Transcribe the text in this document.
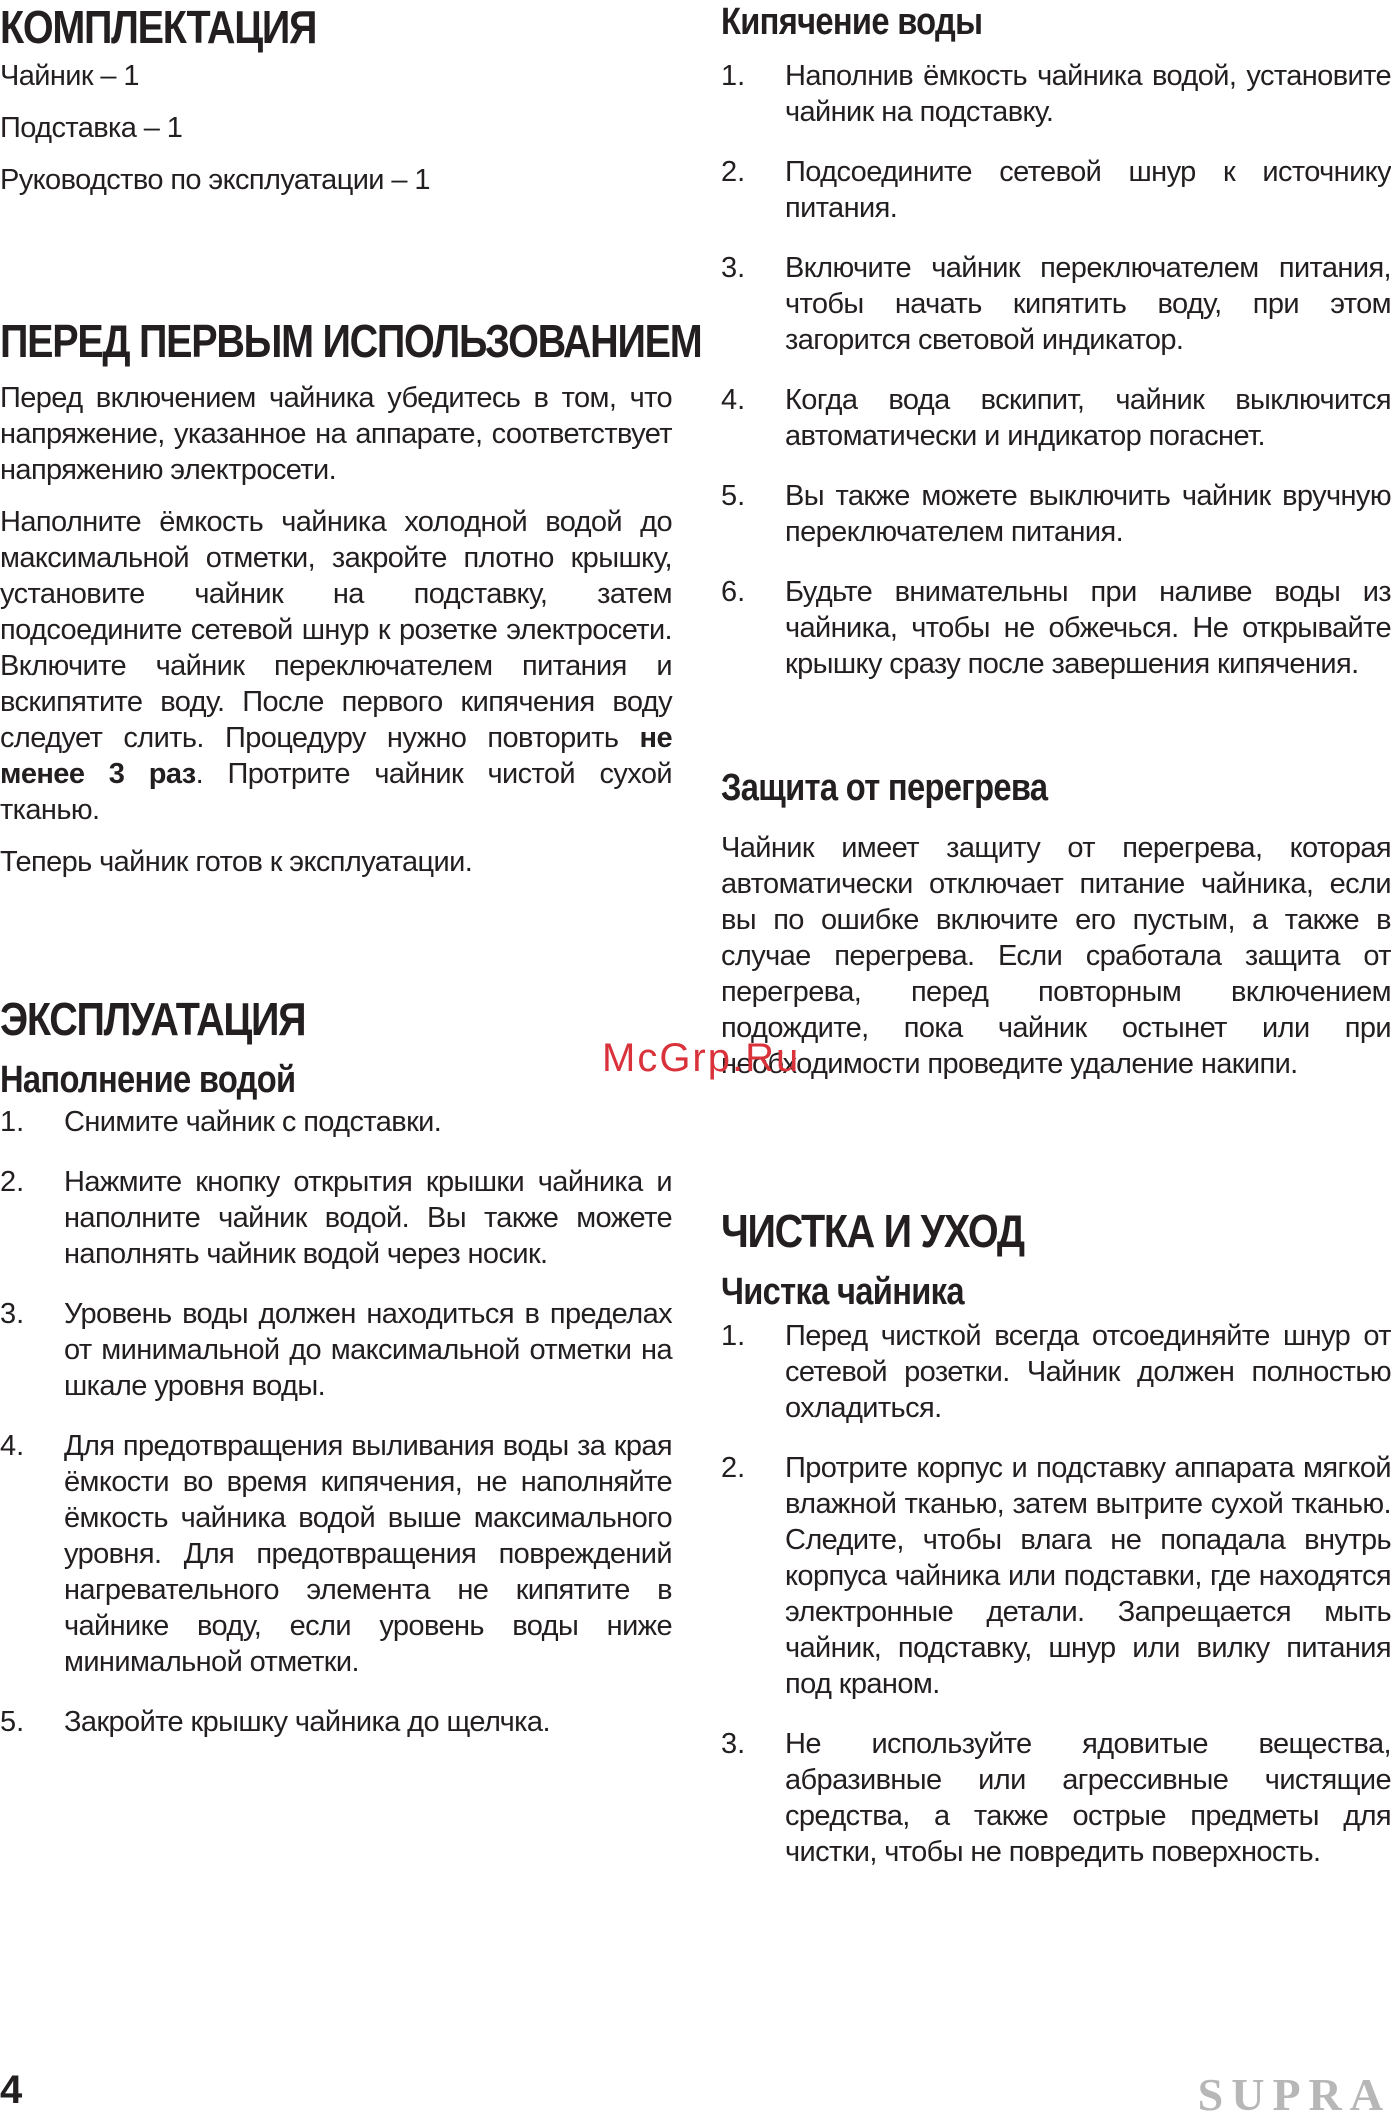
КОМПЛЕКТАЦИЯ

Чайник – 1

Подставка – 1

Руководство по эксплуатации – 1

ПЕРЕД ПЕРВЫМ ИСПОЛЬЗОВАНИЕМ

Перед включением чайника убедитесь в том, что напряжение, указанное на аппарате, соответствует напряжению электросети.

Наполните ёмкость чайника холодной водой до максимальной отметки, закройте плотно крышку, установите чайник на подставку, затем подсоедините сетевой шнур к розетке электросети. Включите чайник переключателем питания и вскипятите воду. После первого кипячения воду следует слить. Процедуру нужно повторить не менее 3 раз. Протрите чайник чистой сухой тканью.

Теперь чайник готов к эксплуатации.

ЭКСПЛУАТАЦИЯ
Наполнение водой
1.	Снимите чайник с подставки.
2.	Нажмите кнопку открытия крышки чайника и наполните чайник водой. Вы также можете наполнять чайник водой через носик.
3.	Уровень воды должен находиться в пределах от минимальной до максимальной отметки на шкале уровня воды.
4.	Для предотвращения выливания воды за края ёмкости во время кипячения, не наполняйте ёмкость чайника водой выше максимального уровня. Для предотвращения повреждений нагревательного элемента не кипятите в чайнике воду, если уровень воды ниже минимальной отметки.
5.	Закройте крышку чайника до щелчка.
Кипячение воды
1.	Наполнив ёмкость чайника водой, установите чайник на подставку.
2.	Подсоедините сетевой шнур к источнику питания.
3.	Включите чайник переключателем питания, чтобы начать кипятить воду, при этом загорится световой индикатор.
4.	Когда вода вскипит, чайник выключится автоматически и индикатор погаснет.
5.	Вы также можете выключить чайник вручную переключателем питания.
6.	Будьте внимательны при наливе воды из чайника, чтобы не обжечься. Не открывайте крышку сразу после завершения кипячения.
Защита от перегрева

Чайник имеет защиту от перегрева, которая автоматически отключает питание чайника, если вы по ошибке включите его пустым, а также в случае перегрева. Если сработала защита от перегрева, перед повторным включением подождите, пока чайник остынет или при необходимости проведите удаление накипи.

ЧИСТКА И УХОД
Чистка чайника
1.	Перед чисткой всегда отсоединяйте шнур от сетевой розетки. Чайник должен полностью охладиться.
2.	Протрите корпус и подставку аппарата мягкой влажной тканью, затем вытрите сухой тканью. Следите, чтобы влага не попадала внутрь корпуса чайника или подставки, где находятся электронные детали. Запрещается мыть чайник, подставку, шнур или вилку питания под краном.
3.	Не используйте ядовитые вещества, абразивные или агрессивные чистящие средства, а также острые предметы для чистки, чтобы не повредить поверхность.
McGrp.Ru
4	SUPRA
